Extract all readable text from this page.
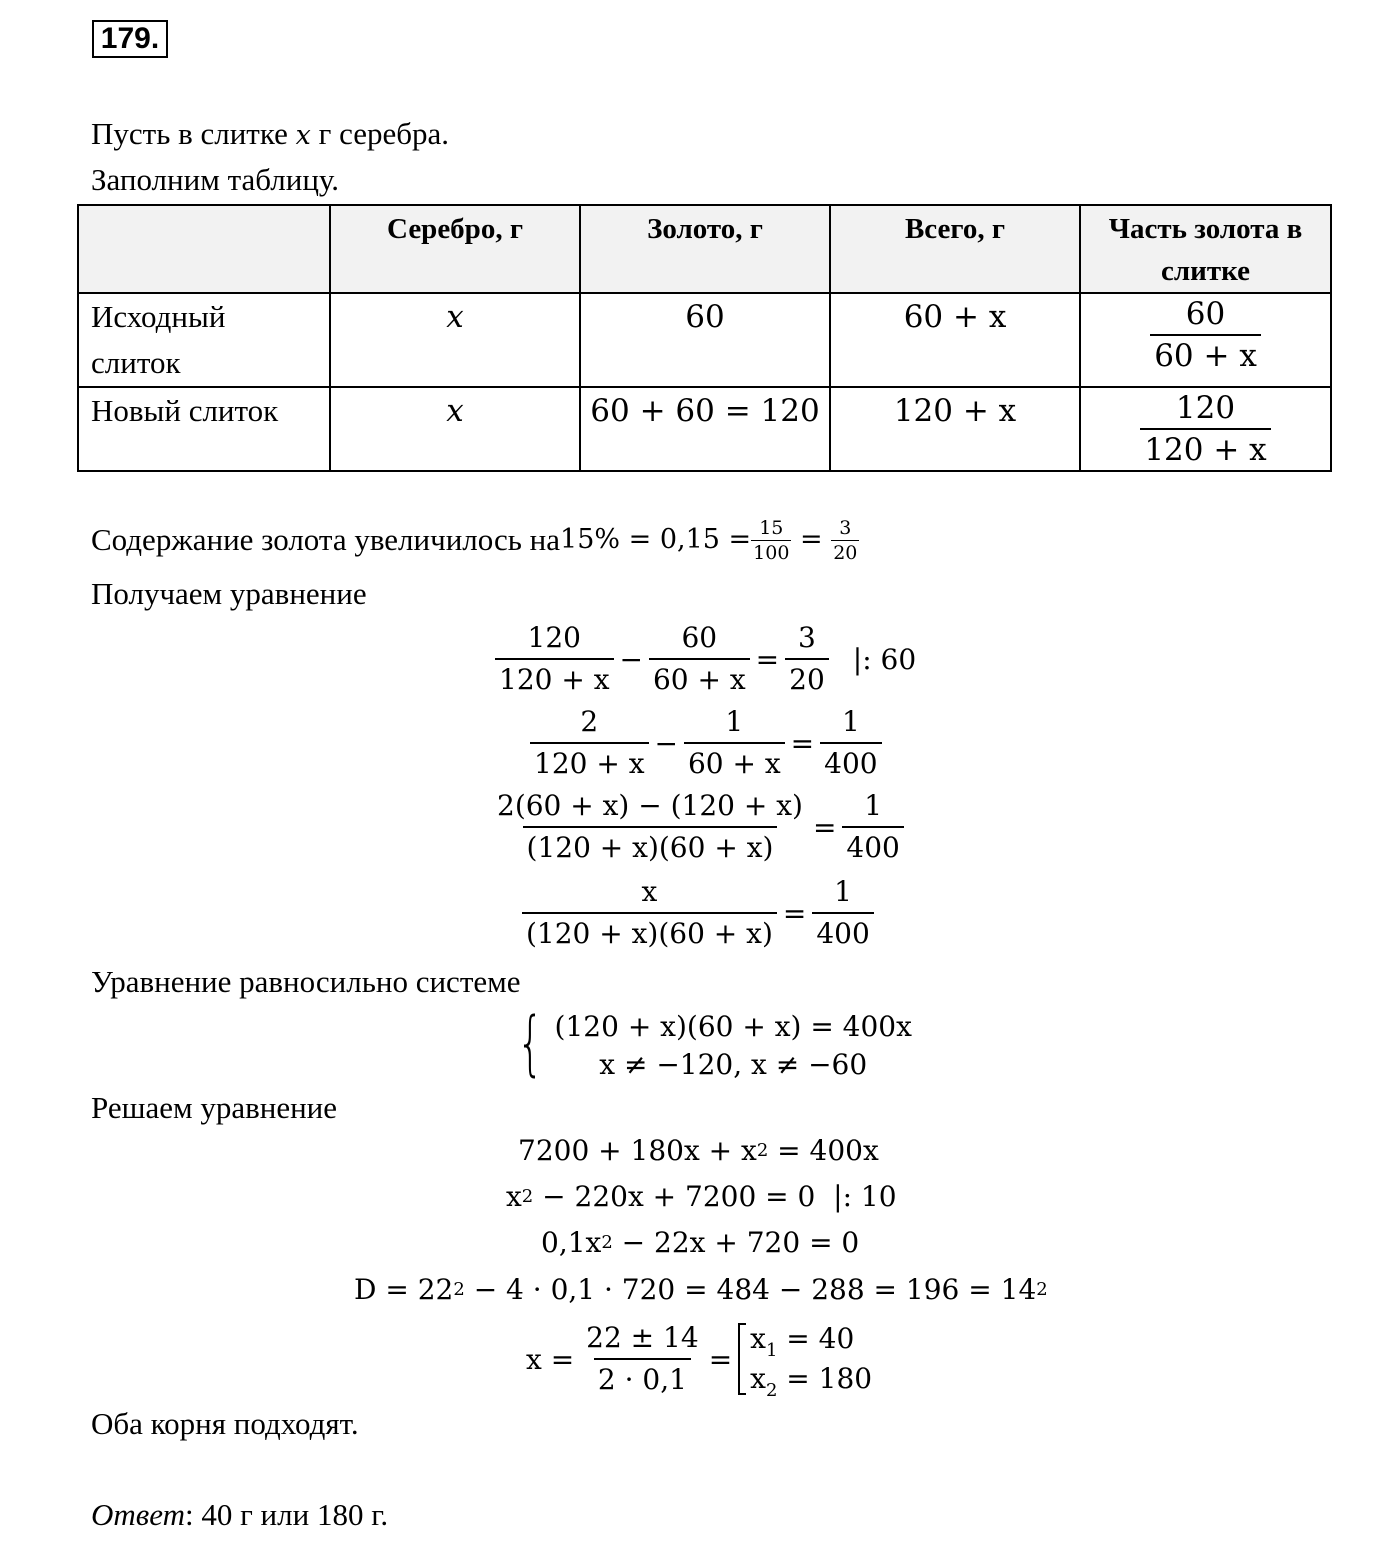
179.
Пусть в слитке x г серебра.
Заполним таблицу.
	Серебро, г	Золото, г	Всего, г	Часть золота в слитке
Исходный слиток	x	60	60 + x	$\frac{60}{60 + x}$

Новый слиток	x	60 + 60 = 120	120 + x	$\frac{120}{120 + x}$
Содержание золота увеличилось на $15\% = 0,15 = \frac{15}{100} = \frac{3}{20}$
Получаем уравнение
$\frac{120}{120 + x} - \frac{60}{60 + x} = \frac{3}{20}$ |: 60
$\frac{2}{120 + x} - \frac{1}{60 + x} = \frac{1}{400}$
$\frac{2(60 + x) - (120 + x)}{(120 + x)(60 + x)} = \frac{1}{400}$
$\frac{x}{(120 + x)(60 + x)} = \frac{1}{400}$
Уравнение равносильно системе
{ (120 + x)(60 + x) = 400x
x ≠ −120, x ≠ −60
Решаем уравнение
7200 + 180x + x 2 = 400x
x 2 − 220x + 7200 = 0  |: 10
0,1x 2 − 22x + 720 = 0
D = 22 2 − 4 · 0,1 · 720 = 484 − 288 = 196 = 14 2
$x = \frac{22 \pm 14}{2 \cdot 0,1}$ =
$x_1 = 40$
$x_2 = 180$
Оба корня подходят.
Ответ: 40 г или 180 г.
